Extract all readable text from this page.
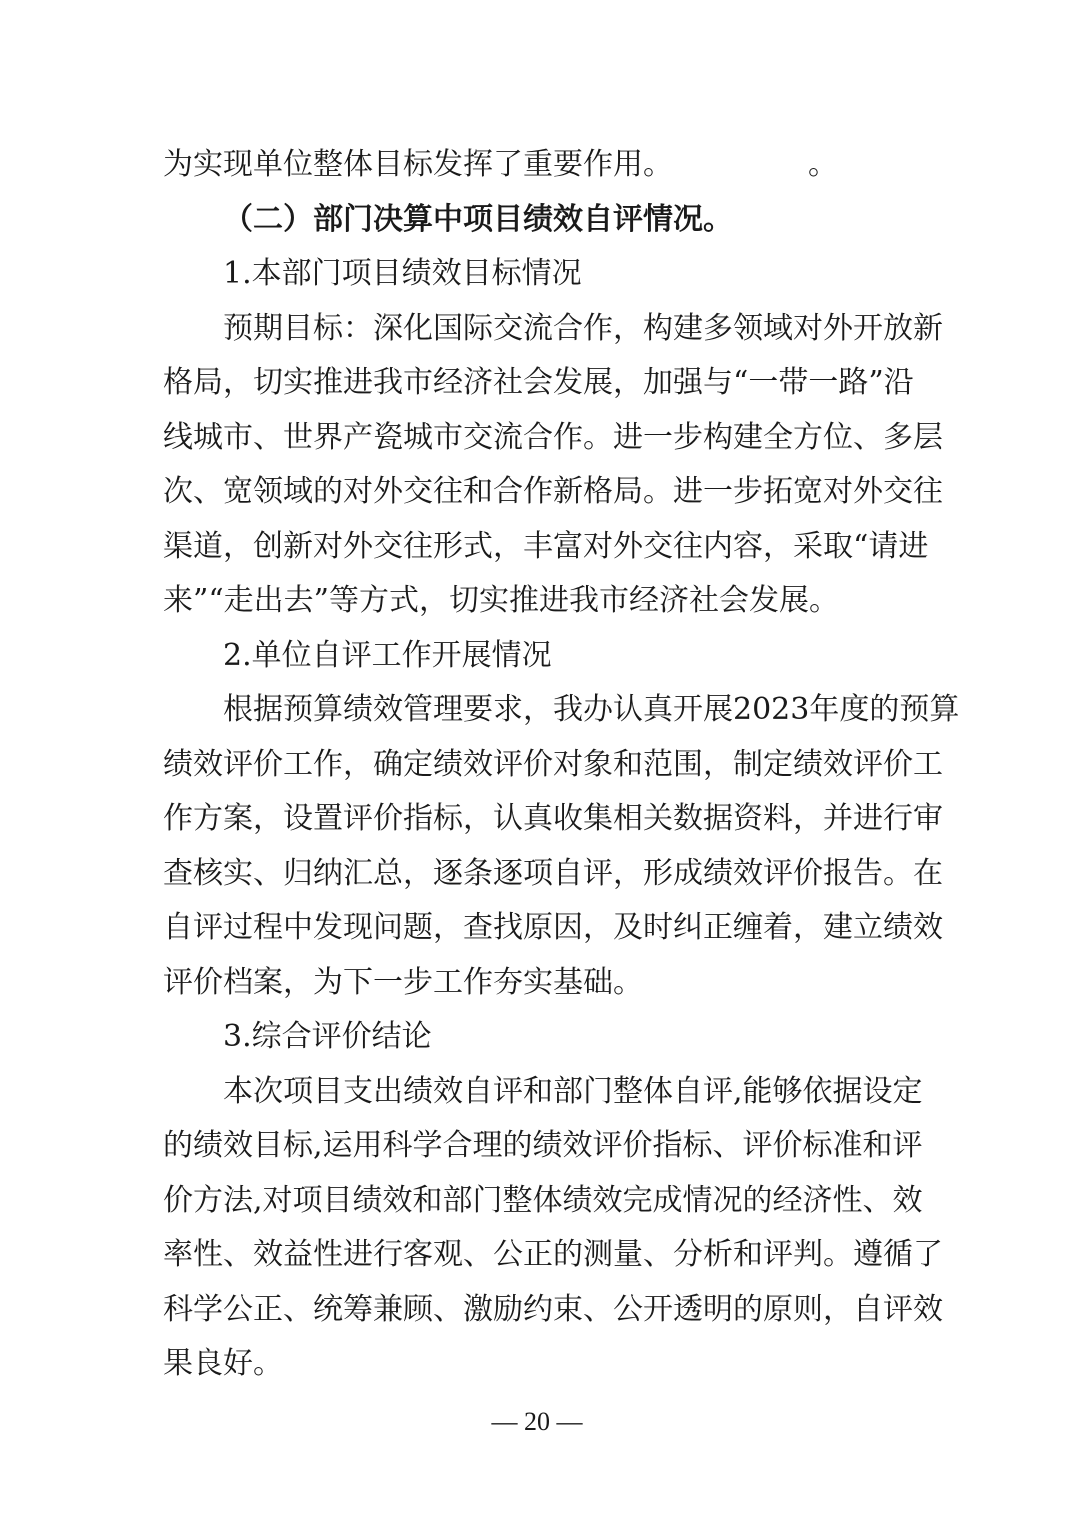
为实现单位整体目标发挥了重要作用。　　　　　。
（二）部门决算中项目绩效自评情况。
1.本部门项目绩效目标情况
预期目标：深化国际交流合作，构建多领域对外开放新
格局，切实推进我市经济社会发展，加强与“一带一路”沿
线城市、世界产瓷城市交流合作。进一步构建全方位、多层
次、宽领域的对外交往和合作新格局。进一步拓宽对外交往
渠道，创新对外交往形式，丰富对外交往内容，采取“请进
来”“走出去”等方式，切实推进我市经济社会发展。
2.单位自评工作开展情况
根据预算绩效管理要求，我办认真开展2023年度的预算
绩效评价工作，确定绩效评价对象和范围，制定绩效评价工
作方案，设置评价指标，认真收集相关数据资料，并进行审
查核实、归纳汇总，逐条逐项自评，形成绩效评价报告。在
自评过程中发现问题，查找原因，及时纠正缠着，建立绩效
评价档案，为下一步工作夯实基础。
3.综合评价结论
本次项目支出绩效自评和部门整体自评,能够依据设定
的绩效目标,运用科学合理的绩效评价指标、评价标准和评
价方法,对项目绩效和部门整体绩效完成情况的经济性、效
率性、效益性进行客观、公正的测量、分析和评判。遵循了
科学公正、统筹兼顾、激励约束、公开透明的原则，自评效
果良好。
— 20 —
